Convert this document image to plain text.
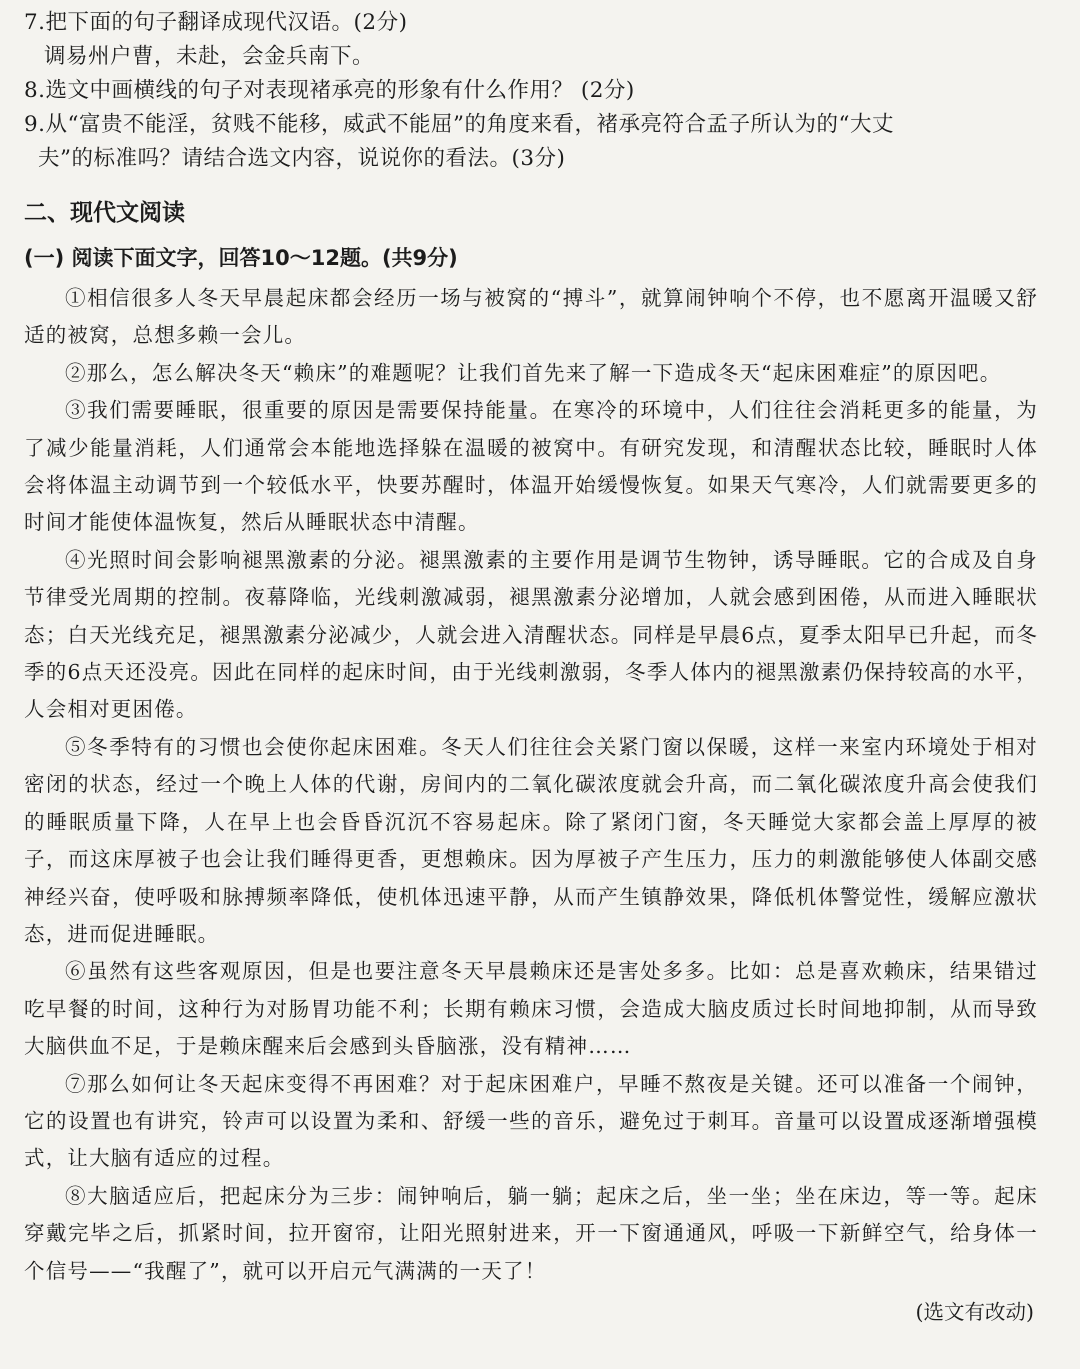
7.把下面的句子翻译成现代汉语。(2分)

调易州户曹，未赴，会金兵南下。

8.选文中画横线的句子对表现褚承亮的形象有什么作用？ (2分)

9.从“富贵不能淫，贫贱不能移，威武不能屈”的角度来看，褚承亮符合孟子所认为的“大丈

夫”的标准吗？请结合选文内容，说说你的看法。(3分)

二、现代文阅读
(一) 阅读下面文字，回答10～12题。(共9分)

①相信很多人冬天早晨起床都会经历一场与被窝的“搏斗”，就算闹钟响个不停，也不愿离开温暖又舒适的被窝，总想多赖一会儿。

②那么，怎么解决冬天“赖床”的难题呢？让我们首先来了解一下造成冬天“起床困难症”的原因吧。

③我们需要睡眠，很重要的原因是需要保持能量。在寒冷的环境中，人们往往会消耗更多的能量，为了减少能量消耗，人们通常会本能地选择躲在温暖的被窝中。有研究发现，和清醒状态比较，睡眠时人体会将体温主动调节到一个较低水平，快要苏醒时，体温开始缓慢恢复。如果天气寒冷，人们就需要更多的时间才能使体温恢复，然后从睡眠状态中清醒。

④光照时间会影响褪黑激素的分泌。褪黑激素的主要作用是调节生物钟，诱导睡眠。它的合成及自身节律受光周期的控制。夜幕降临，光线刺激减弱，褪黑激素分泌增加，人就会感到困倦，从而进入睡眠状态；白天光线充足，褪黑激素分泌减少，人就会进入清醒状态。同样是早晨6点，夏季太阳早已升起，而冬季的6点天还没亮。因此在同样的起床时间，由于光线刺激弱，冬季人体内的褪黑激素仍保持较高的水平，人会相对更困倦。

⑤冬季特有的习惯也会使你起床困难。冬天人们往往会关紧门窗以保暖，这样一来室内环境处于相对密闭的状态，经过一个晚上人体的代谢，房间内的二氧化碳浓度就会升高，而二氧化碳浓度升高会使我们的睡眠质量下降，人在早上也会昏昏沉沉不容易起床。除了紧闭门窗，冬天睡觉大家都会盖上厚厚的被子，而这床厚被子也会让我们睡得更香，更想赖床。因为厚被子产生压力，压力的刺激能够使人体副交感神经兴奋，使呼吸和脉搏频率降低，使机体迅速平静，从而产生镇静效果，降低机体警觉性，缓解应激状态，进而促进睡眠。

⑥虽然有这些客观原因，但是也要注意冬天早晨赖床还是害处多多。比如：总是喜欢赖床，结果错过吃早餐的时间，这种行为对肠胃功能不利；长期有赖床习惯，会造成大脑皮质过长时间地抑制，从而导致大脑供血不足，于是赖床醒来后会感到头昏脑涨，没有精神……

⑦那么如何让冬天起床变得不再困难？对于起床困难户，早睡不熬夜是关键。还可以准备一个闹钟，它的设置也有讲究，铃声可以设置为柔和、舒缓一些的音乐，避免过于刺耳。音量可以设置成逐渐增强模式，让大脑有适应的过程。

⑧大脑适应后，把起床分为三步：闹钟响后，躺一躺；起床之后，坐一坐；坐在床边，等一等。起床穿戴完毕之后，抓紧时间，拉开窗帘，让阳光照射进来，开一下窗通通风，呼吸一下新鲜空气，给身体一个信号——“我醒了”，就可以开启元气满满的一天了！

(选文有改动)
